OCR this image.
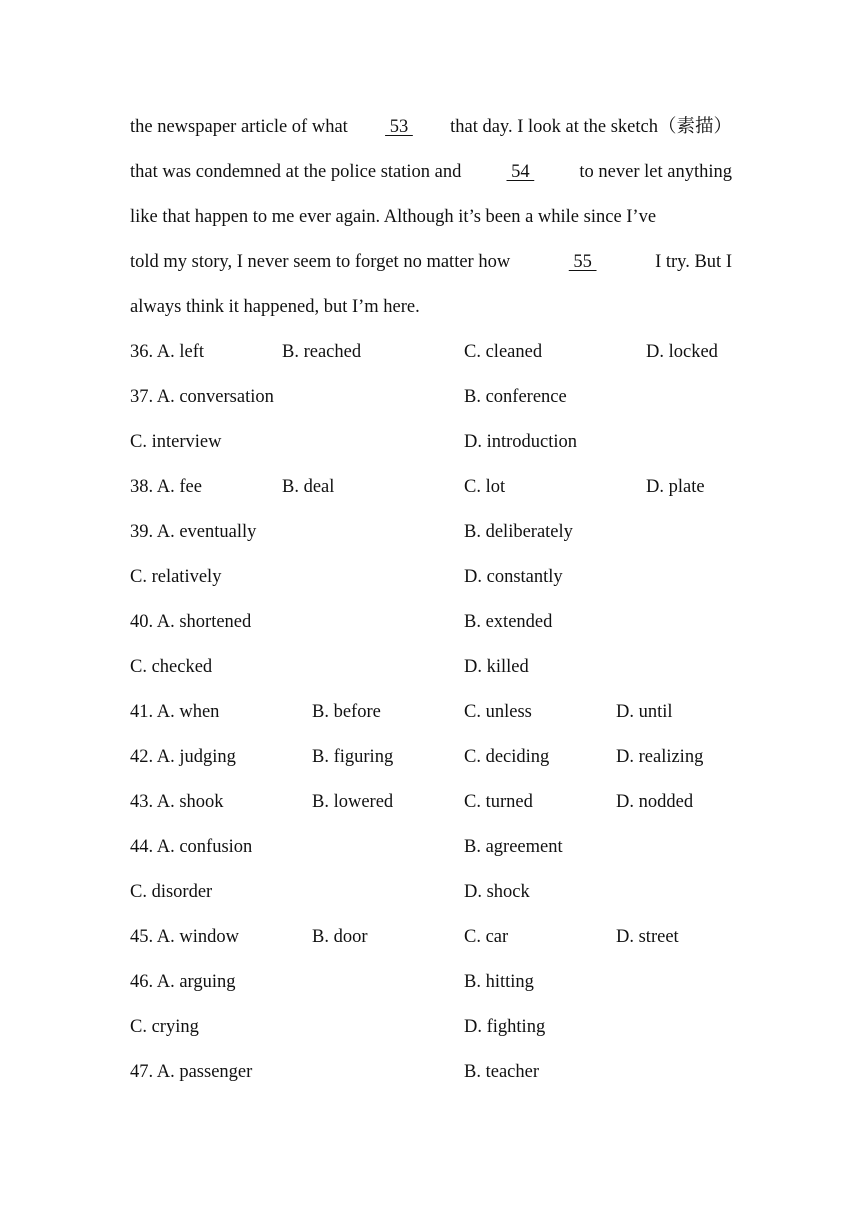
the newspaper article of what 53 that day. I look at the sketch（素描）
that was condemned at the police station and 54 to never let anything
like that happen to me ever again. Although it’s been a while since I’ve
told my story, I never seem to forget no matter how	55	I try. But I
always think it happened, but I’m here.
36. A. left	B. reached	C. cleaned	D. locked
37. A. conversation	B. conference
C. interview	D. introduction
38. A. fee	B. deal	C. lot	D. plate
39. A. eventually	B. deliberately
C. relatively	D. constantly
40. A. shortened	B. extended
C. checked	D. killed
41. A. when	B. before	C. unless	D. until
42. A. judging	B. figuring	C. deciding	D. realizing
43. A. shook	B. lowered	C. turned	D. nodded
44. A. confusion	B. agreement
C. disorder	D. shock
45. A. window	B. door	C. car	D. street
46. A. arguing	B. hitting
C. crying	D. fighting
47. A. passenger	B. teacher
